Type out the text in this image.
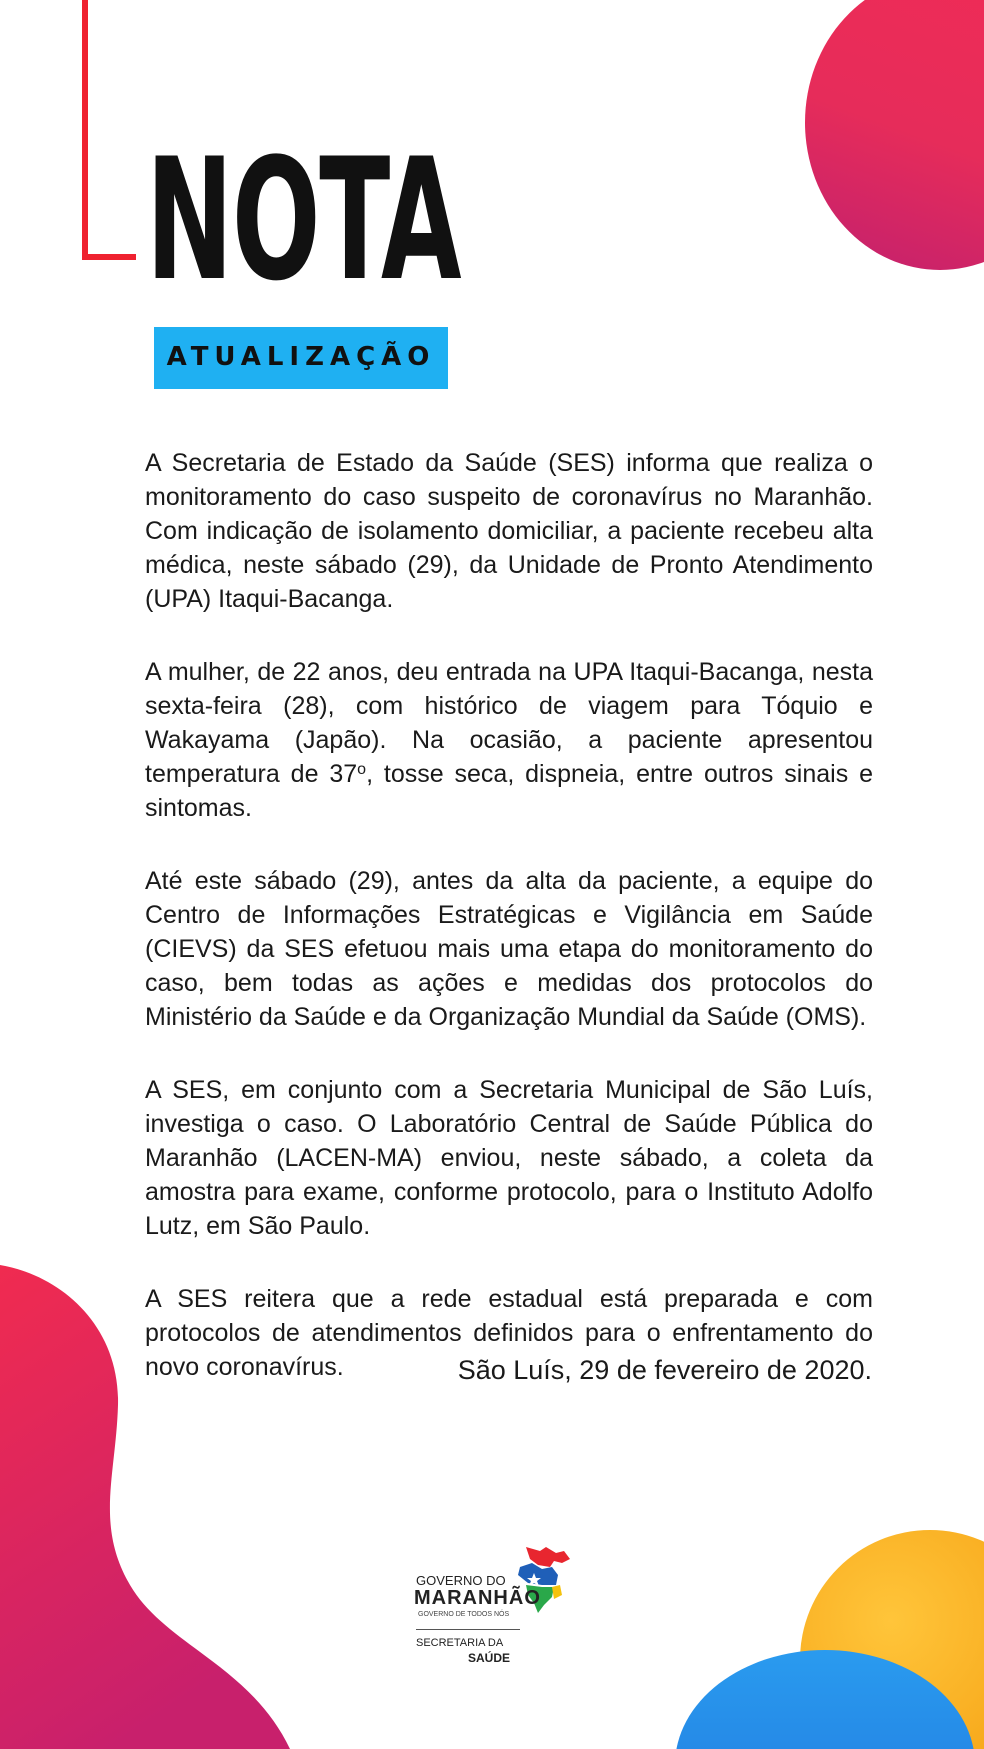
NOTA
ATUALIZAÇÃO

A Secretaria de Estado da Saúde (SES) informa que realiza o monitoramento do caso suspeito de coronavírus no Maranhão. Com indicação de isolamento domiciliar, a paciente recebeu alta médica, neste sábado (29), da Unidade de Pronto Atendimento (UPA) Itaqui-Bacanga.

A mulher, de 22 anos, deu entrada na UPA Itaqui-Bacanga, nesta sexta-feira (28), com histórico de viagem para Tóquio e Wakayama (Japão). Na ocasião, a paciente apresentou temperatura de 37$^o$, tosse seca, dispneia, entre outros sinais e sintomas.

Até este sábado (29), antes da alta da paciente, a equipe do Centro de Informações Estratégicas e Vigilância em Saúde (CIEVS) da SES efetuou mais uma etapa do monitoramento do caso, bem todas as ações e medidas dos protocolos do Ministério da Saúde e da Organização Mundial da Saúde (OMS).

A SES, em conjunto com a Secretaria Municipal de São Luís, investiga o caso. O Laboratório Central de Saúde Pública do Maranhão (LACEN-MA) enviou, neste sábado, a coleta da amostra para exame, conforme protocolo, para o Instituto Adolfo Lutz, em São Paulo.

A SES reitera que a rede estadual está preparada e com protocolos de atendimentos definidos para o enfrentamento do novo coronavírus.	São Luís, 29 de fevereiro de 2020.

GOVERNO DO
MARANHÃO
GOVERNO DE TODOS NÓS
SECRETARIA DA
SAÚDE
